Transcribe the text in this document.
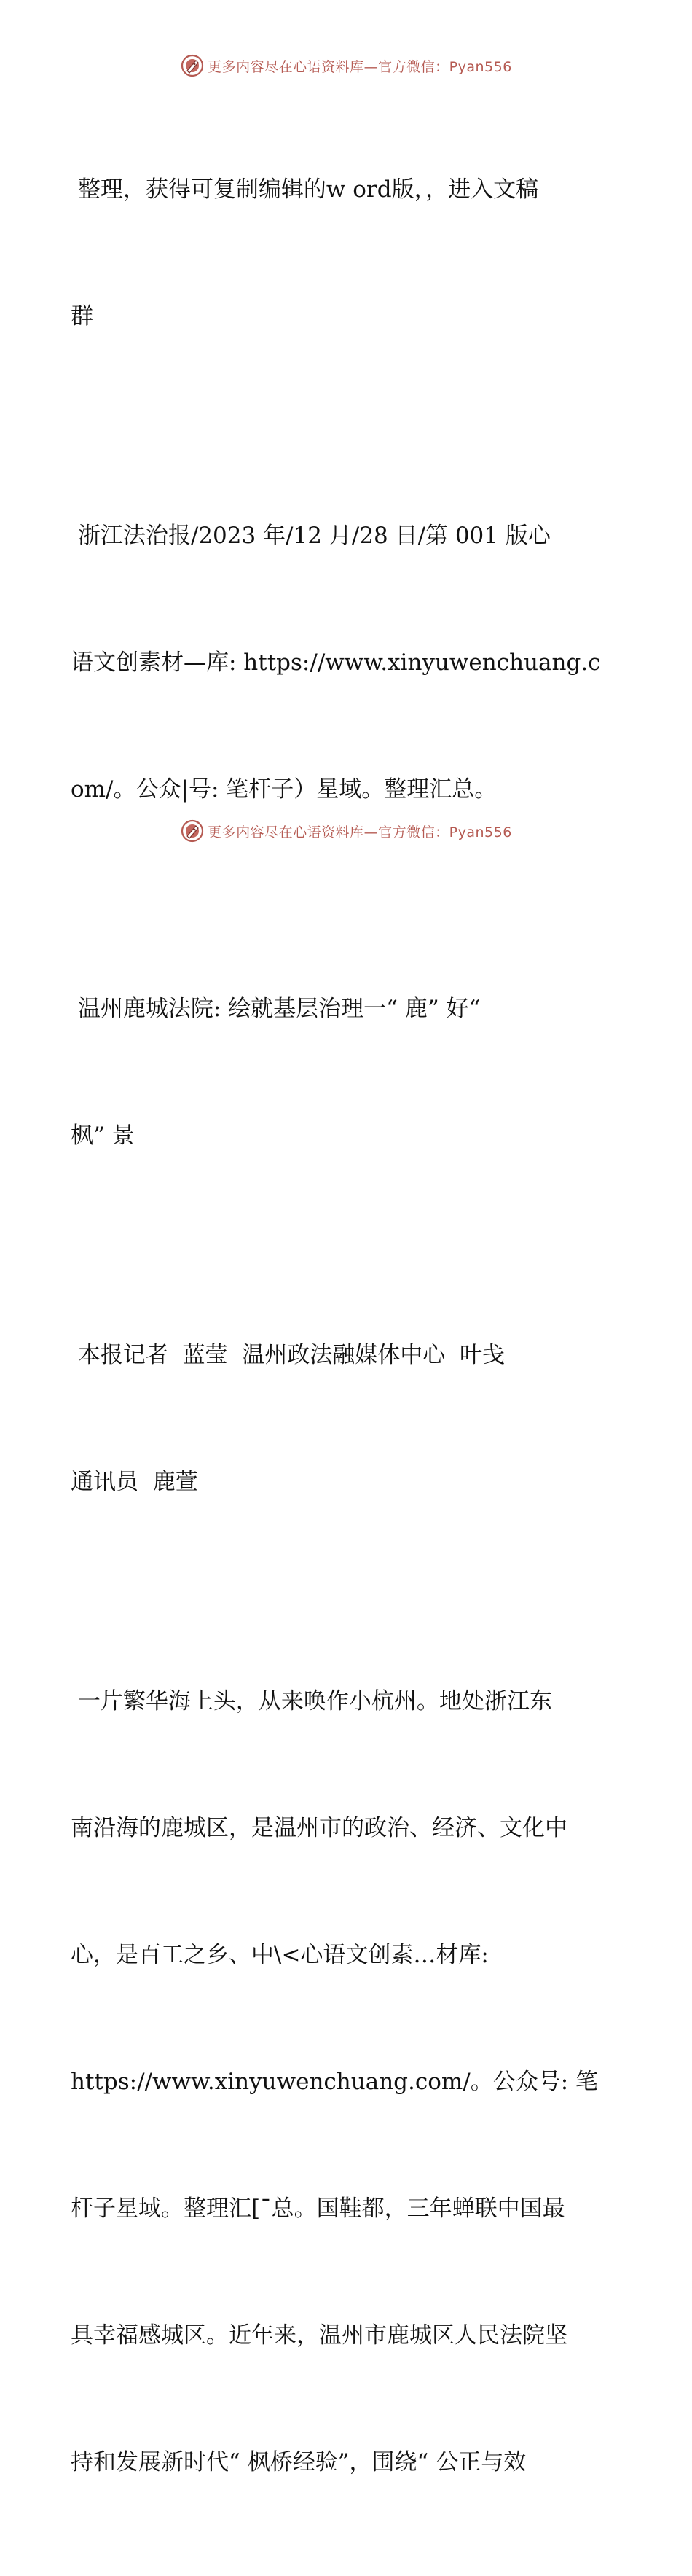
更多内容尽在心语资料库—官方微信：Pyan556

整理，获得可复制编辑的w ord版，，进入文稿

群

浙江法治报/2023 年/12 月/28 日/第 001 版心

语文创素材—库: https://www.xinyuwenchuang.c

om/。公众|号: 笔杆子）星域。整理汇总。

温州鹿城法院: 绘就基层治理一“ 鹿” 好“

枫” 景

本报记者  蓝莹  温州政法融媒体中心  叶戋

通讯员  鹿萱

一片繁华海上头，从来唤作小杭州。地处浙江东

南沿海的鹿城区，是温州市的政治、经济、文化中

心，是百工之乡、中\<心语文创素…材库:

https://www.xinyuwenchuang.com/。公众号: 笔

杆子星域。整理汇[¯总。国鞋都，三年蝉联中国最

具幸福感城区。近年来，温州市鹿城区人民法院坚

持和发展新时代“ 枫桥经验”，围绕“ 公正与效

更多内容尽在心语资料库—官方微信：Pyan556
